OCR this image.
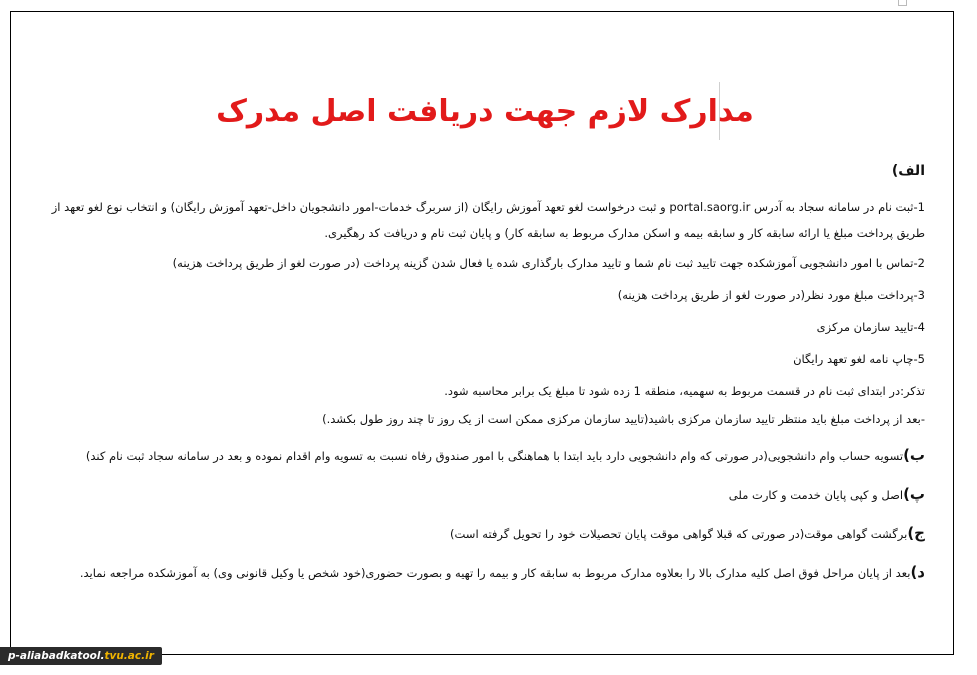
مدارک لازم جهت دریافت اصل مدرک
الف)
1-ثبت نام در سامانه سجاد به آدرس portal.saorg.ir و ثبت درخواست لغو تعهد آموزش رایگان (از سربرگ خدمات-امور دانشجویان داخل-تعهد آموزش رایگان) و انتخاب نوع لغو تعهد از طریق پرداخت مبلغ یا ارائه سابقه کار و سابقه بیمه و اسکن مدارک مربوط به سابقه کار) و پایان ثبت نام و دریافت کد رهگیری.
2-تماس با امور دانشجویی آموزشکده جهت تایید ثبت نام شما و تایید مدارک بارگذاری شده یا فعال شدن گزینه پرداخت (در صورت لغو از طریق پرداخت هزینه)
3-پرداخت مبلغ مورد نظر(در صورت لغو از طریق پرداخت هزینه)
4-تایید سازمان مرکزی
5-چاپ نامه لغو تعهد رایگان
تذکر:در ابتدای ثبت نام در قسمت مربوط به سهمیه، منطقه 1 زده شود تا مبلغ یک برابر محاسبه شود.
-بعد از پرداخت مبلغ باید منتظر تایید سازمان مرکزی باشید(تایید سازمان مرکزی ممکن است از یک روز تا چند روز طول بکشد.)
ب)تسویه حساب وام دانشجویی(در صورتی که وام دانشجویی دارد باید ابتدا با هماهنگی با امور صندوق رفاه نسبت به تسویه وام اقدام نموده و بعد در سامانه سجاد ثبت نام کند)
پ)اصل و کپی پایان خدمت و کارت ملی
ج)برگشت گواهی موقت(در صورتی که قبلا گواهی موقت پایان تحصیلات خود را تحویل گرفته است)
د)بعد از پایان مراحل فوق اصل کلیه مدارک بالا را بعلاوه مدارک مربوط به سابقه کار و بیمه را تهیه و بصورت حضوری(خود شخص یا وکیل قانونی وی) به آموزشکده مراجعه نماید.
p-aliabadkatool.tvu.ac.ir
